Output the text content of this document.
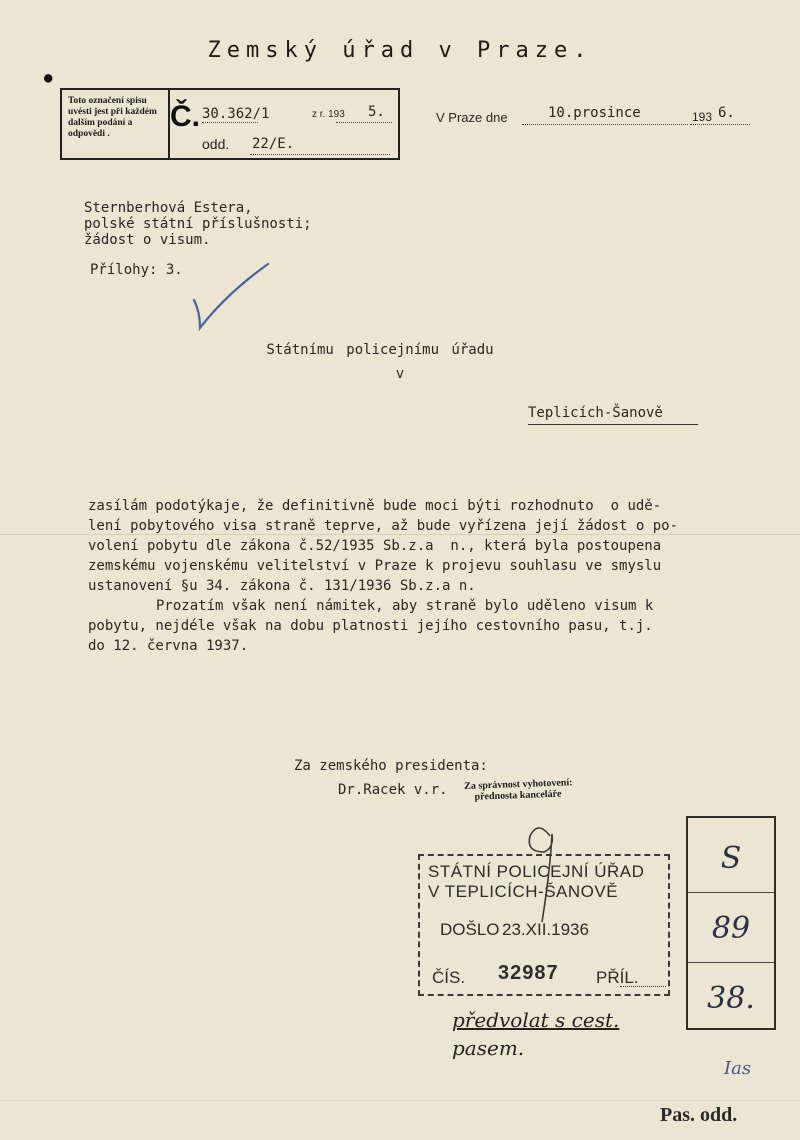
Zemský úřad v Praze.
●
Toto označení spisu uvésti jest při každém dalším podání a odpovědi .
Č. 30.362/1	z r. 193 5.
odd. 22/E.
V Praze dne	10.prosince	193 6.
Sternberhová Estera,
polské státní příslušnosti;
žádost o visum.
Přílohy: 3.
Státnímu policejnímu úřadu
v
Teplicích-Šanově

zasílám podotýkaje, že definitivně bude moci býti rozhodnuto  o udě-

lení pobytového visa straně teprve, až bude vyřízena její žádost o po-

volení pobytu dle zákona č.52/1935 Sb.z.a  n., která byla postoupena

zemskému vojenskému velitelství v Praze k projevu souhlasu ve smyslu

ustanovení §u 34. zákona č. 131/1936 Sb.z.a n.

Prozatím však není námitek, aby straně bylo uděleno visum k

pobytu, nejdéle však na dobu platnosti jejího cestovního pasu, t.j.

do 12. června 1937.

Za zemského presidenta:
Dr.Racek v.r. Za správnost vyhotovení:
přednosta kanceláře
STÁTNÍ POLICEJNÍ ÚŘAD
V TEPLICÍCH-ŠANOVĚ
DOŠLO 23.XII.1936
ČÍS. 32987 PŘÍL.
S
89
38.
předvolat s cest.
pasem.
Ias
Pas. odd.
